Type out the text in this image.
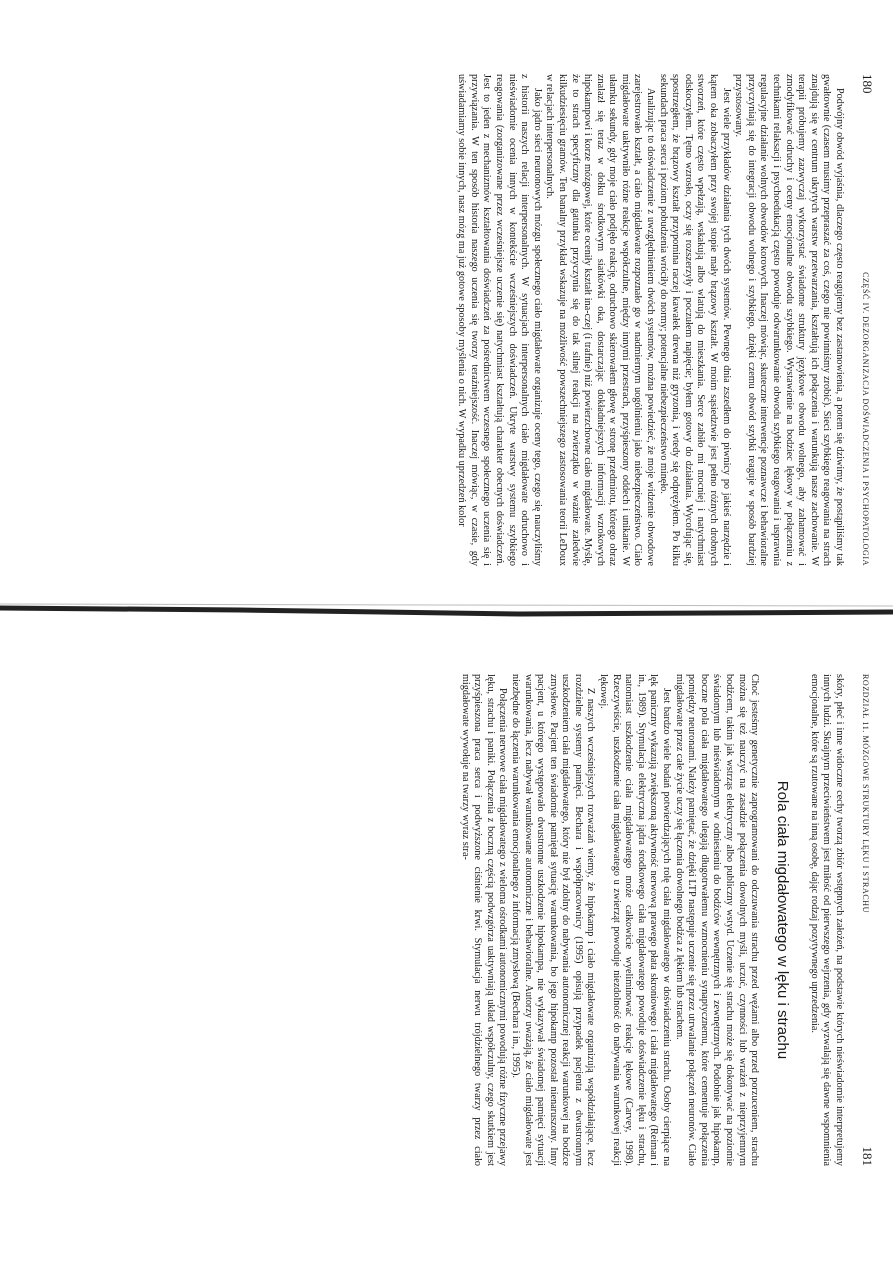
180
CZĘŚĆ IV. DEZORGANIZACJA DOŚWIADCZENIA I PSYCHOPATOLOGIA

Podwójny obwód wyjaśnia, dlaczego często reagujemy bez zastanowienia, a potem się dziwimy, że postąpiliśmy tak gwałtownie (czasem musimy przepraszać za coś, czego nie powinniśmy zrobić). Sieci szybkiego reagowania na strach znajdują się w centrum ukrytych warstw przetwarzania, kształtują ich połączenia i warunkują nasze zachowanie. W terapii próbujemy zazwyczaj wykorzystać świadome struktury językowe obwodu wolnego, aby zahamować i zmodyfikować odruchy i oceny emocjonalne obwodu szybkiego. Wystawienie na bodziec lękowy w połączeniu z technikami relaksacji i psychoedukacją często powoduje odwarunkowanie obwodu szybkiego reagowania i usprawnia regulacyjne działanie wolnych obwodów korowych. Inaczej mówiąc, skuteczne interwencje poznawcze i behawioralne przyczyniają się do integracji obwodu wolnego i szybkiego, dzięki czemu obwód szybki reaguje w sposób bardziej przystosowany.

Jest wiele przykładów działania tych dwóch systemów. Pewnego dnia zszedłem do piwnicy po jakieś narzędzie i kątem oka zobaczyłem przy swojej stopie mały brązowy kształt. W moim sąsiedztwie jest pełno różnych drobnych stworzeń, które często wpełzają, wskakują albo wlatują do mieszkania. Serce zabiło mi mocniej i natychmiast odskoczyłem. Tętno wzrosło, oczy się rozszerzyły i poczułem napięcie; byłem gotowy do działania. Wycofując się, spostrzegłem, że brązowy kształt przypomina raczej kawałek drewna niż gryzonia, i wtedy się odprężyłem. Po kilku sekundach praca serca i poziom pobudzenia wróciły do normy; potencjalne niebezpieczeństwo minęło.

Analizując to doświadczenie z uwzględnieniem dwóch systemów, można powiedzieć, że moje widzenie obwodowe zarejestrowało kształt, a ciało migdałowate rozpoznało go w nadmiernym uogólnieniu jako niebezpieczeństwo. Ciało migdałowate uaktywniło różne reakcje współczulne, między innymi przestrach, przyśpieszony oddech i unikanie. W ułamku sekundy, gdy moje ciało podjęło reakcję, odruchowo skierowałem głowę w stronę przedmiotu, którego obraz znalazł się teraz w dołku środkowym siatkówki oka, dostarczając dokładniejszych informacji wzrokowych hipokampowi i korze mózgowej, które oceniły kształt ina-czej (i trafnie) niż powierzchowne ciało migdałowate. Myślę, że to strach specyficzny dla gatunku przyczynia się do tak silnej reakcji na zwierzątko w ważnie zaledwie kilkudziesięciu gramów. Ten banalny przykład wskazuje na możliwość powszechniejszego zastosowania teorii LeDoux w relacjach interpersonalnych.

Jako jądro sieci neuronowych mózgu społecznego ciało migdałowate organizuje oceny tego, czego się nauczyliśmy z historii naszych relacji interpersonalnych. W sytuacjach interpersonalnych ciało migdałowate odruchowo i nieświadomie ocenia innych w kontekście wcześniejszych doświadczeń. Ukryte warstwy systemu szybkiego reagowania (zorganizowane przez wcześniejsze uczenie się) natychmiast kształtują charakter obecnych doświadczeń. Jest to jeden z mechanizmów kształtowania doświadczeń za pośrednictwem wczesnego społecznego uczenia się i przywiązania. W ten sposób historia naszego uczenia się tworzy teraźniejszość. Inaczej mówiąc, w czasie, gdy uświadamiamy sobie innych, nasz mózg ma już gotowe sposoby myślenia o nich. W wypadku uprzedzeń kolor

ROZDZIAŁ 11. MÓZGOWE STRUKTURY LĘKU I STRACHU
181

skóry, płeć i inne widoczne cechy tworzą zbiór wstępnych założeń, na podstawie których nieświadomie interpretujemy innych ludzi. Skrajnym przeciwieństwem jest miłość od pierwszego wejrzenia, gdy wyzwalają się dawne wspomnienia emocjonalne, które są rzutowane na inną osobę, dając rodzaj pozytywnego uprzedzenia.

Rola ciała migdałowatego w lęku i strachu

Choć jesteśmy genetycznie zaprogramowani do odczuwania strachu przed wężami albo przed porzuceniem, strachu można się też nauczyć na zasadzie połączenia dowolnych myśli, uczuć, czynności lub wrażeń z nieprzyjemnym bodźcem, takim jak wstrząs elektryczny albo publiczny wstyd. Uczenie się strachu może się dokonywać na poziomie świadomym lub nieświadomym w odniesieniu do bodźców wewnętrznych i zewnętrznych. Podobnie jak hipokamp, boczne pola ciała migdałowatego ulegają długotrwałemu wzmocnieniu synaptycznemu, które cementuje połączenia pomiędzy neuronami. Należy pamiętać, że dzięki LTP następuje uczenie się przez utrwalanie połączeń neuronów. Ciało migdałowate przez całe życie uczy się łączenia dowolnego bodźca z lękiem lub strachem.

Jest bardzo wiele badań potwierdzających rolę ciała migdałowatego w doświadczeniu strachu. Osoby cierpiące na lęk paniczny wykazują zwiększoną aktywność nerwową prawego płata skroniowego i ciała migdałowatego (Reiman i in., 1989). Stymulacja elektryczna jądra środkowego ciała migdałowatego powoduje doświadczenie lęku i strachu, natomiast uszkodzenie ciała migdałowatego może całkowicie wyeliminować reakcje lękowe (Carvey, 1998). Rzeczywiście, uszkodzenie ciała migdałowatego u zwierząt powoduje niezdolność do nabywania warunkowej reakcji lękowej.

Z naszych wcześniejszych rozważań wiemy, że hipokamp i ciało migdałowate organizują współdziałające, lecz rozdzielne systemy pamięci. Bechara i współpracownicy (1995) opisują przypadek pacjenta z dwustronnym uszkodzeniem ciała migdałowatego, który nie był zdolny do nabywania autonomicznej reakcji warunkowej na bodźce zmysłowe. Pacjent ten świadomie pamiętał sytuację warunkowania, bo jego hipokamp pozostał nienaruszony. Inny pacjent, u którego występowało dwustronne uszkodzenie hipokampa, nie wykazywał świadomej pamięci sytuacji warunkowania, lecz nabywał warunkowane autonomiczne i behawioralne. Autorzy uważają, że ciało migdałowate jest niezbędne do łączenia warunkowania emocjonalnego z informacją zmysłową (Bechara i in., 1995).

Połączenia nerwowe ciała migdałowatego z wieloma ośrodkami autonomicznymi powodują różne fizyczne przejawy lęku, strachu i paniki. Połączenia z boczną częścią podwzgórza uaktywniają układ współczulny, czego skutkiem jest przyśpieszona praca serca i podwyższone ciśnienie krwi. Stymulacja nerwu trójdzielnego twarzy przez ciało migdałowate wywołuje na twarzy wyraz stra-
